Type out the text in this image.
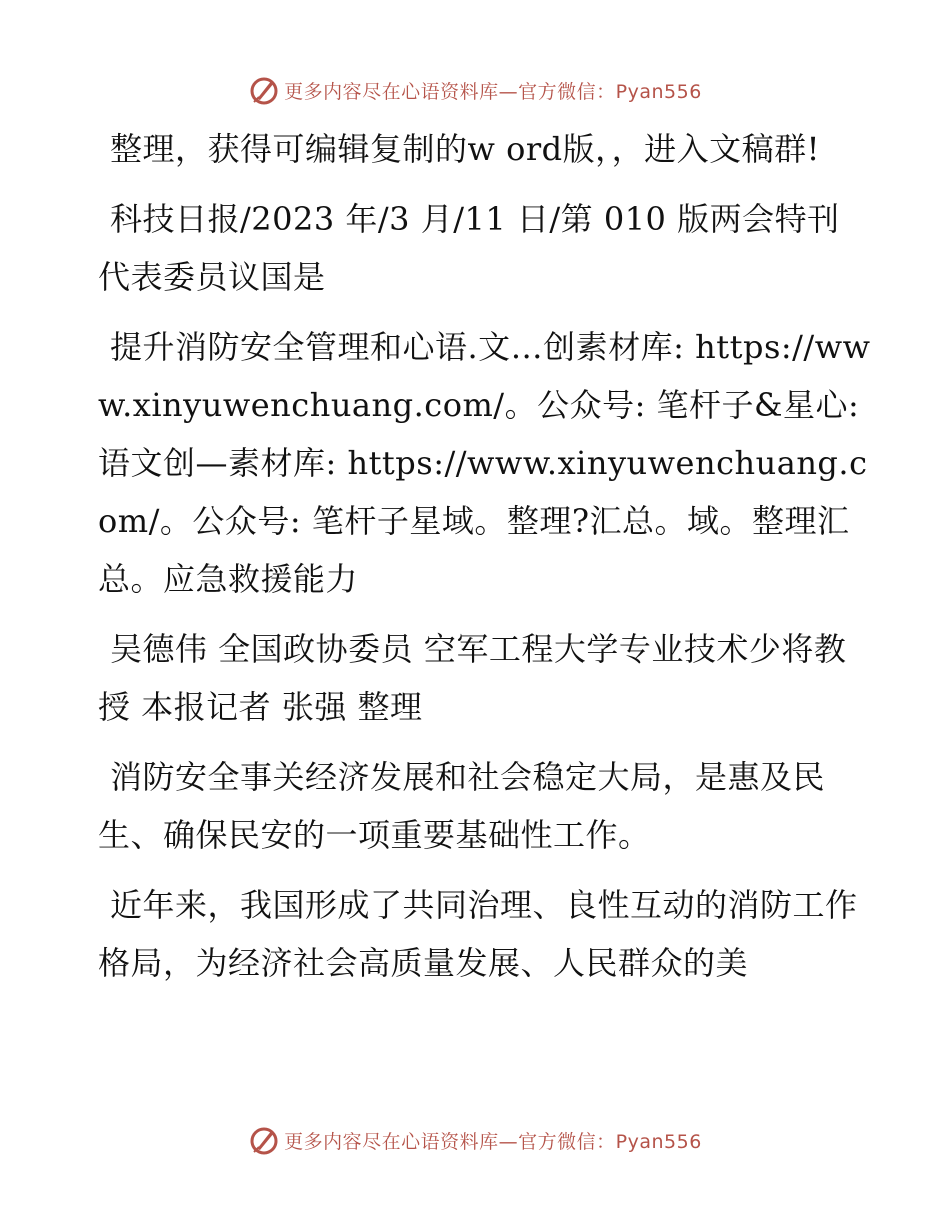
更多内容尽在心语资料库—官方微信：Pyan556

整理，获得可编辑复制的w ord版，，进入文稿群!

科技日报/2023 年/3 月/11 日/第 010 版两会特刊 代表委员议国是

提升消防安全管理和心语.文…创素材库: https://www.xinyuwenchuang.com/。公众号: 笔杆子&星心:语文创—素材库: https://www.xinyuwenchuang.com/。公众号: 笔杆子星域。整理?汇总。域。整理汇总。应急救援能力

吴德伟 全国政协委员 空军工程大学专业技术少将教授 本报记者 张强 整理

消防安全事关经济发展和社会稳定大局，是惠及民生、确保民安的一项重要基础性工作。

近年来，我国形成了共同治理、良性互动的消防工作格局，为经济社会高质量发展、人民群众的美

更多内容尽在心语资料库—官方微信：Pyan556
